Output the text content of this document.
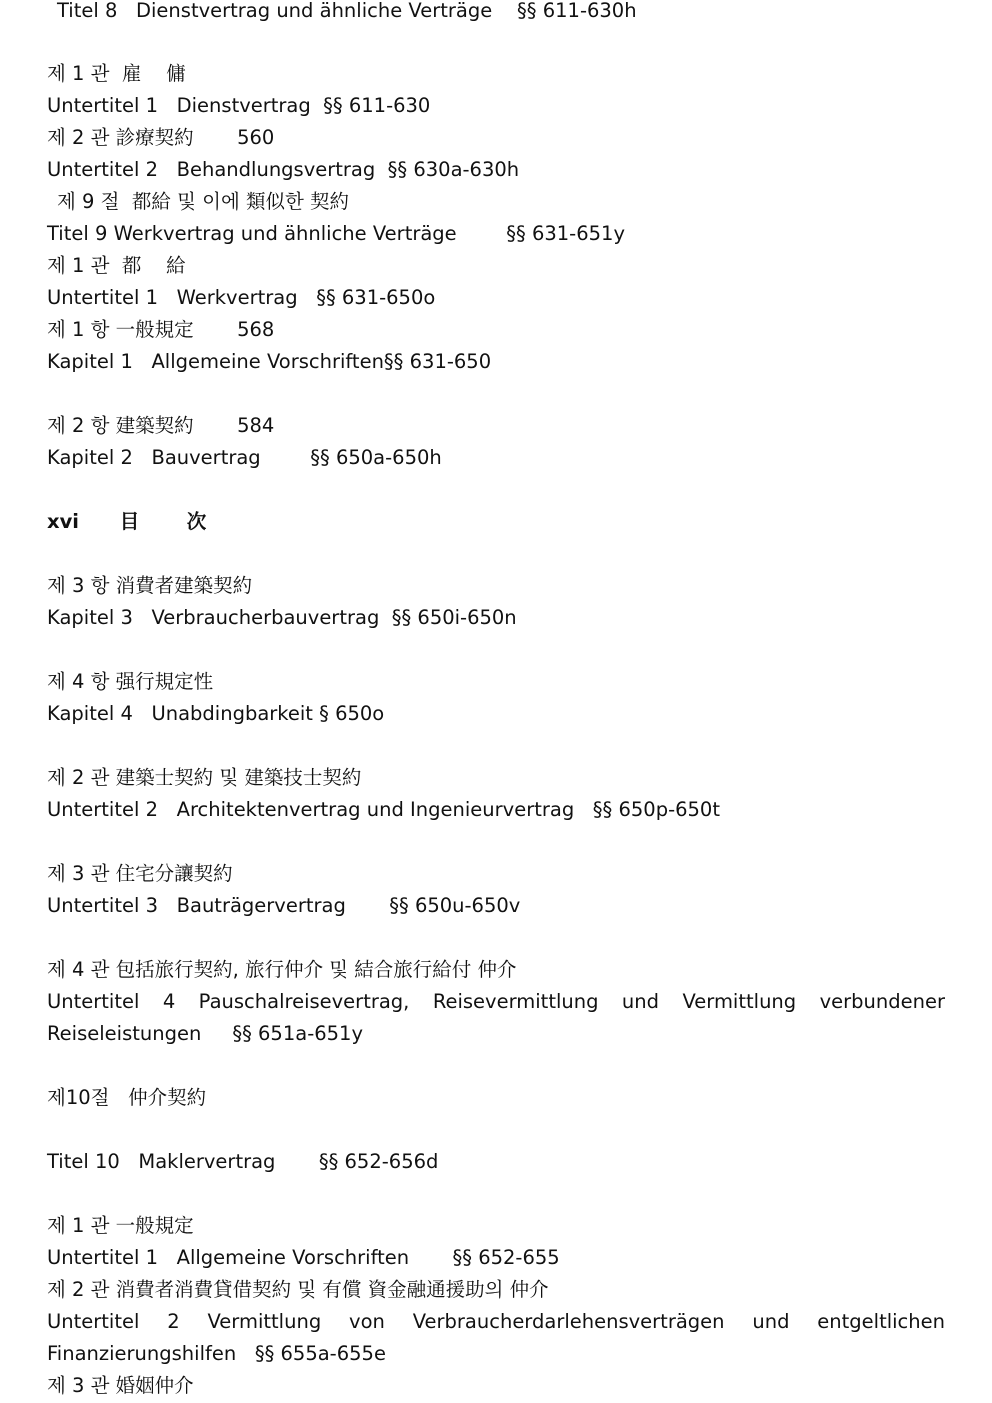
Titel 8   Dienstvertrag und ähnliche Verträge    §§ 611-630h
제 1 관  雇    傭
Untertitel 1   Dienstvertrag  §§ 611-630
제 2 관 診療契約       560
Untertitel 2   Behandlungsvertrag  §§ 630a-630h
제 9 절  都給 및 이에 類似한 契約
Titel 9 Werkvertrag und ähnliche Verträge        §§ 631-651y
제 1 관  都    給
Untertitel 1   Werkvertrag   §§ 631-650o
제 1 항 一般規定       568
Kapitel 1   Allgemeine Vorschriften§§ 631-650
제 2 항 建築契約       584
Kapitel 2   Bauvertrag        §§ 650a-650h
xvi      目       次
제 3 항 消費者建築契約
Kapitel 3   Verbraucherbauvertrag  §§ 650i-650n
제 4 항 强行規定性
Kapitel 4   Unabdingbarkeit § 650o
제 2 관 建築士契約 및 建築技士契約
Untertitel 2   Architektenvertrag und Ingenieurvertrag   §§ 650p-650t
제 3 관 住宅分讓契約
Untertitel 3   Bauträgervertrag       §§ 650u-650v
제 4 관 包括旅行契約, 旅行仲介 및 結合旅行給付 仲介
Untertitel 4 Pauschalreisevertrag, Reisevermittlung und Vermittlung verbundener
Reiseleistungen     §§ 651a-651y
제10절   仲介契約
Titel 10   Maklervertrag       §§ 652-656d
제 1 관 一般規定
Untertitel 1   Allgemeine Vorschriften       §§ 652-655
제 2 관 消費者消費貸借契約 및 有償 資金融通援助의 仲介
Untertitel 2 Vermittlung von Verbraucherdarlehensverträgen und entgeltlichen
Finanzierungshilfen   §§ 655a-655e
제 3 관 婚姻仲介
